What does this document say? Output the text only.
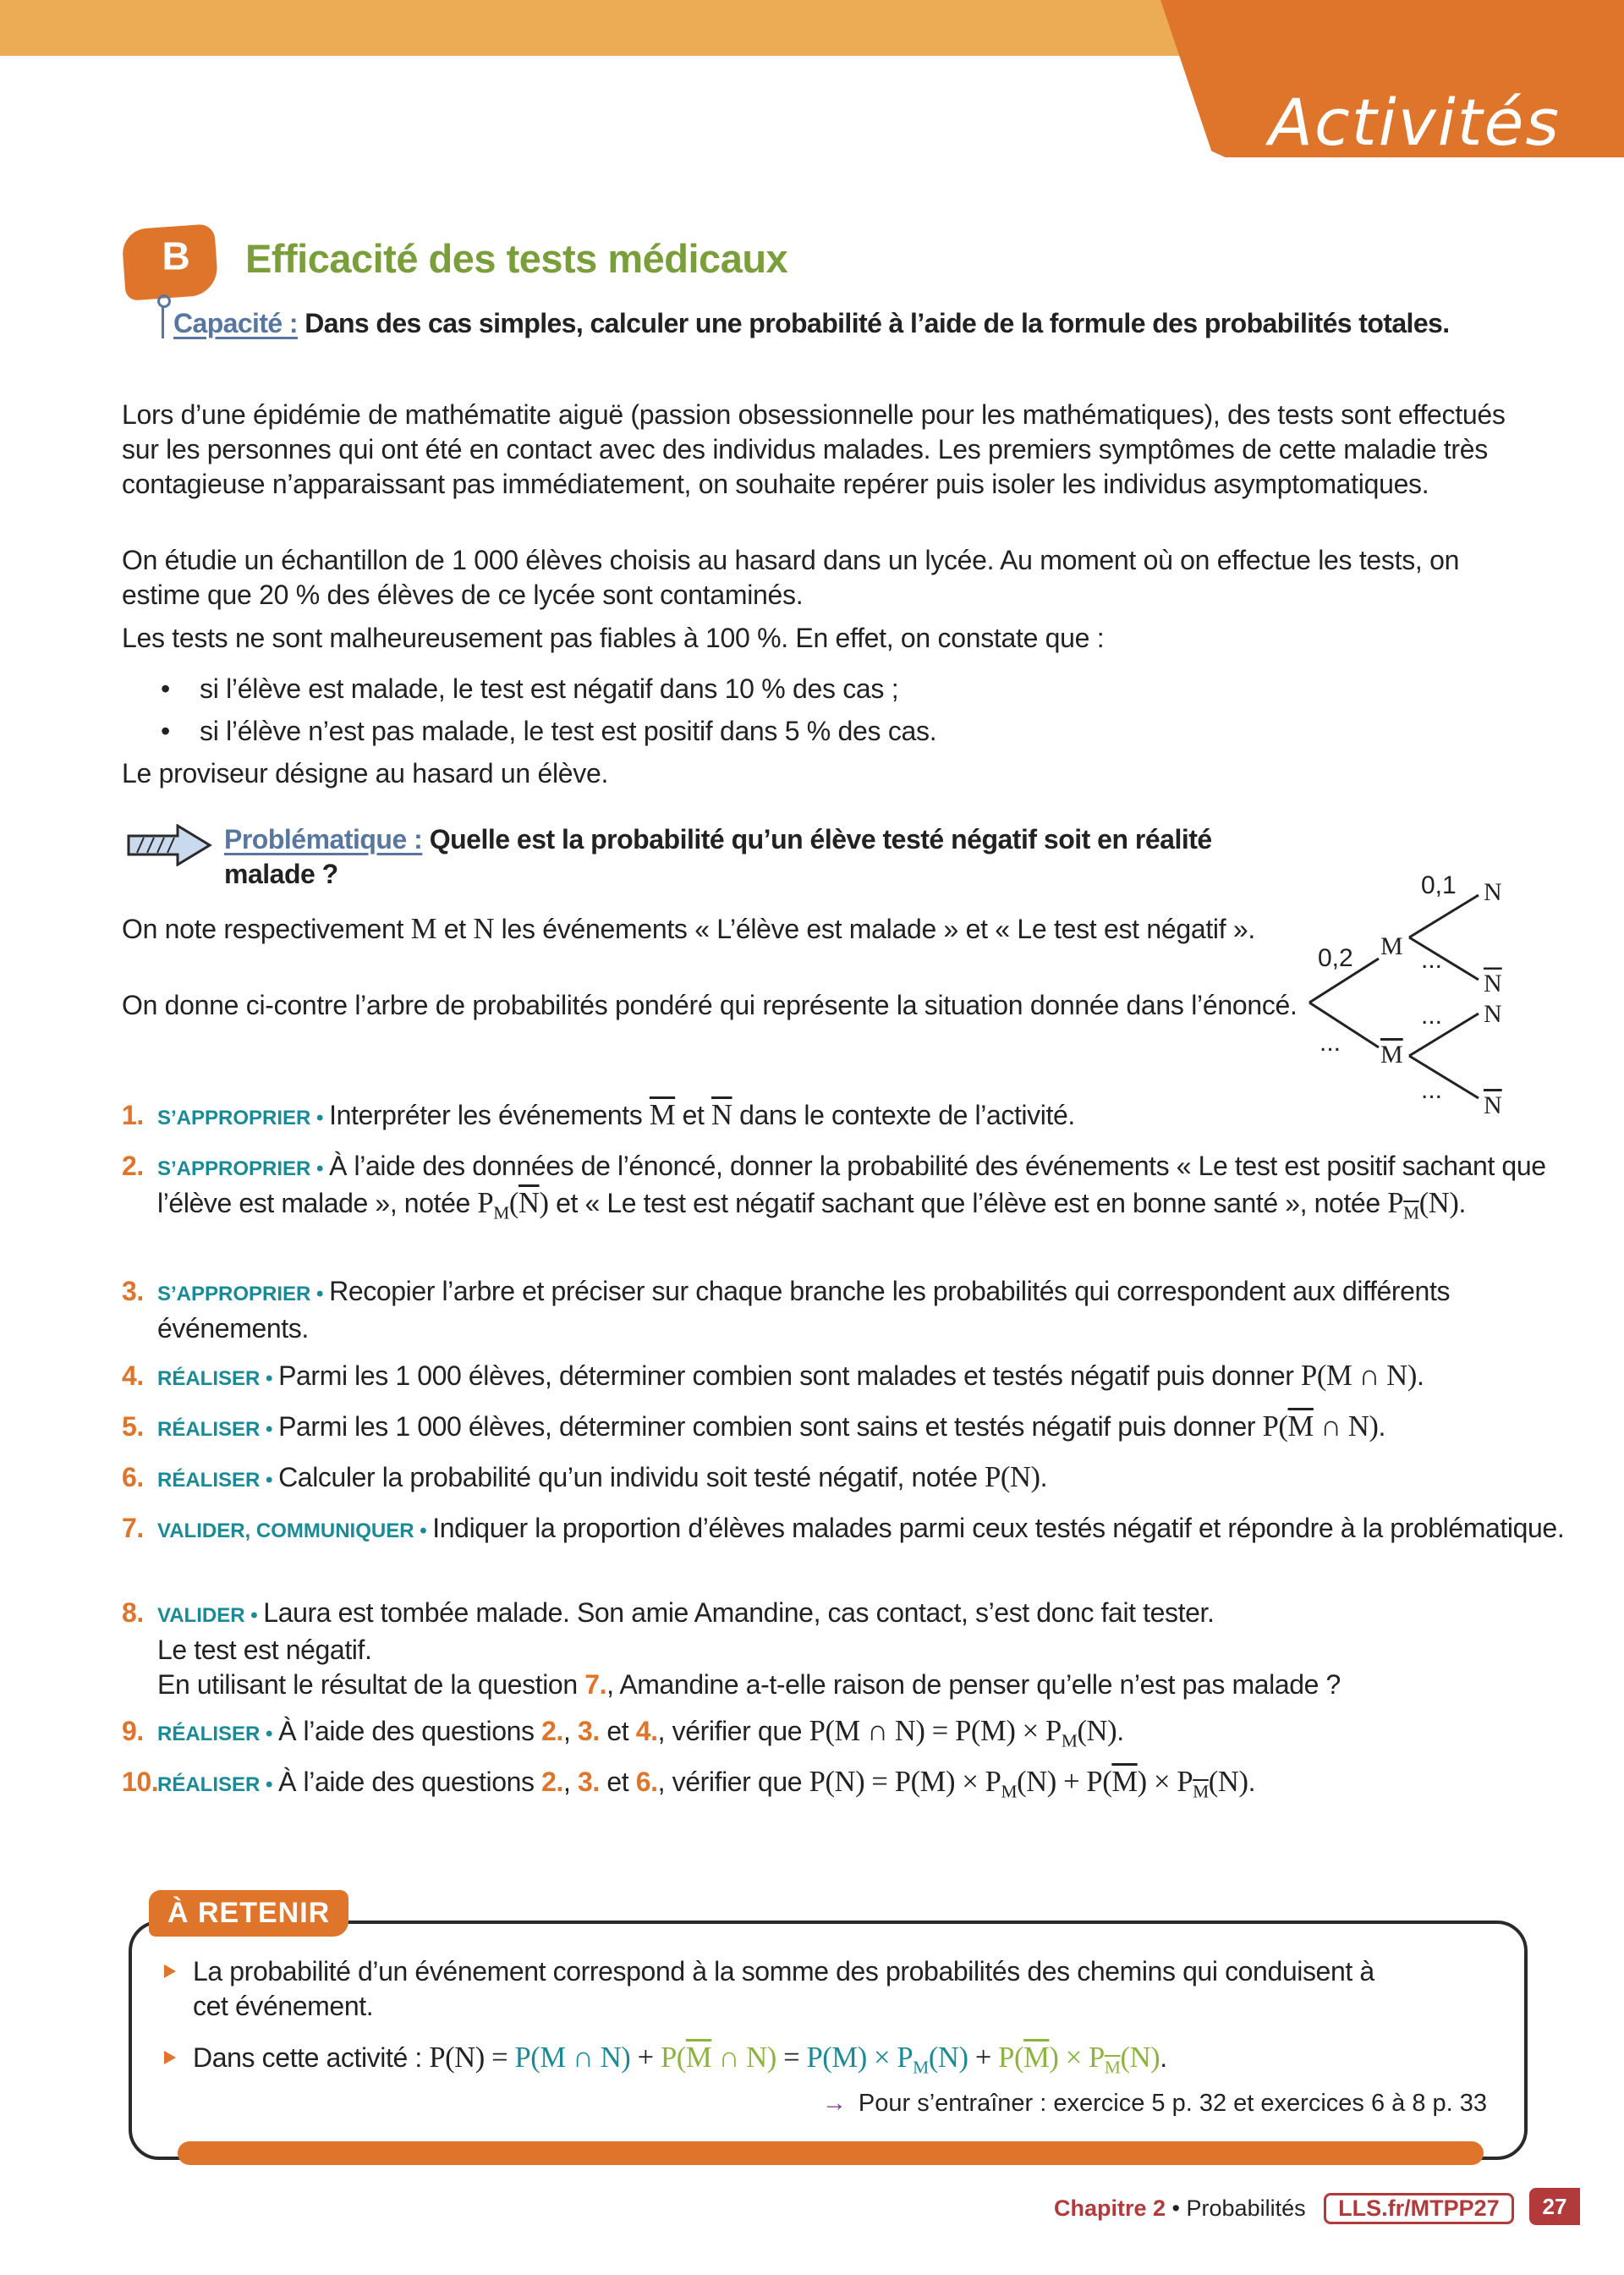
Activités
B Efficacité des tests médicaux
Capacité : Dans des cas simples, calculer une probabilité à l’aide de la formule des probabilités totales.

Lors d’une épidémie de mathématite aiguë (passion obsessionnelle pour les mathématiques), des tests sont effectués sur les personnes qui ont été en contact avec des individus malades. Les premiers symptômes de cette maladie très contagieuse n’apparaissant pas immédiatement, on souhaite repérer puis isoler les individus asymptomatiques.

On étudie un échantillon de 1 000 élèves choisis au hasard dans un lycée. Au moment où on effectue les tests, on estime que 20 % des élèves de ce lycée sont contaminés.

Les tests ne sont malheureusement pas fiables à 100 %. En effet, on constate que :

• si l’élève est malade, le test est négatif dans 10 % des cas ;
• si l’élève n’est pas malade, le test est positif dans 5 % des cas.

Le proviseur désigne au hasard un élève.

Problématique : Quelle est la probabilité qu’un élève testé négatif soit en réalité malade ?

On note respectivement M et N les événements « L’élève est malade » et « Le test est négatif ».

On donne ci-contre l’arbre de probabilités pondéré qui représente la situation donnée dans l’énoncé.

0,2
...
0,1
...
...
...
M
M
N
N
N
N
1. S’APPROPRIER • Interpréter les événements $\overline{M}$ et $\overline{N}$ dans le contexte de l’activité.
2. S’APPROPRIER • À l’aide des données de l’énoncé, donner la probabilité des événements « Le test est positif sachant que l’élève est malade », notée $P_M(\overline{N})$ et « Le test est négatif sachant que l’élève est en bonne santé », notée $P_{\overline{M}}(N)$.
3. S’APPROPRIER • Recopier l’arbre et préciser sur chaque branche les probabilités qui correspondent aux différents événements.
4. RÉALISER • Parmi les 1 000 élèves, déterminer combien sont malades et testés négatif puis donner P(M ∩ N).
5. RÉALISER • Parmi les 1 000 élèves, déterminer combien sont sains et testés négatif puis donner $P(\overline{M}$ ∩ N).
6. RÉALISER • Calculer la probabilité qu’un individu soit testé négatif, notée P(N).
7. VALIDER, COMMUNIQUER • Indiquer la proportion d’élèves malades parmi ceux testés négatif et répondre à la problématique.
8. VALIDER • Laura est tombée malade. Son amie Amandine, cas contact, s’est donc fait tester.
Le test est négatif.
En utilisant le résultat de la question 7., Amandine a-t-elle raison de penser qu’elle n’est pas malade ?
9. RÉALISER • À l’aide des questions 2., 3. et 4., vérifier que P(M ∩ $N) = P(M) \times P_M(N)$.
10.
RÉALISER • À l’aide des questions 2., 3. et 6., vérifier que $P(N) = P(M) \times P_M(N) + P(\overline{M}) \times P_{\overline{M}}(N)$.
À RETENIR
La probabilité d’un événement correspond à la somme des probabilités des chemins qui conduisent à cet événement.
Dans cette activité : P(N) = P(M ∩ $N) + P(\overline{M}$ ∩ $N) = P(M) \times P_M(N) + P(\overline{M}) \times P_{\overline{M}}(N)$.
→ Pour s’entraîner : exercice 5 p. 32 et exercices 6 à 8 p. 33
Chapitre 2 • Probabilités LLS.fr/MTPP27	27
